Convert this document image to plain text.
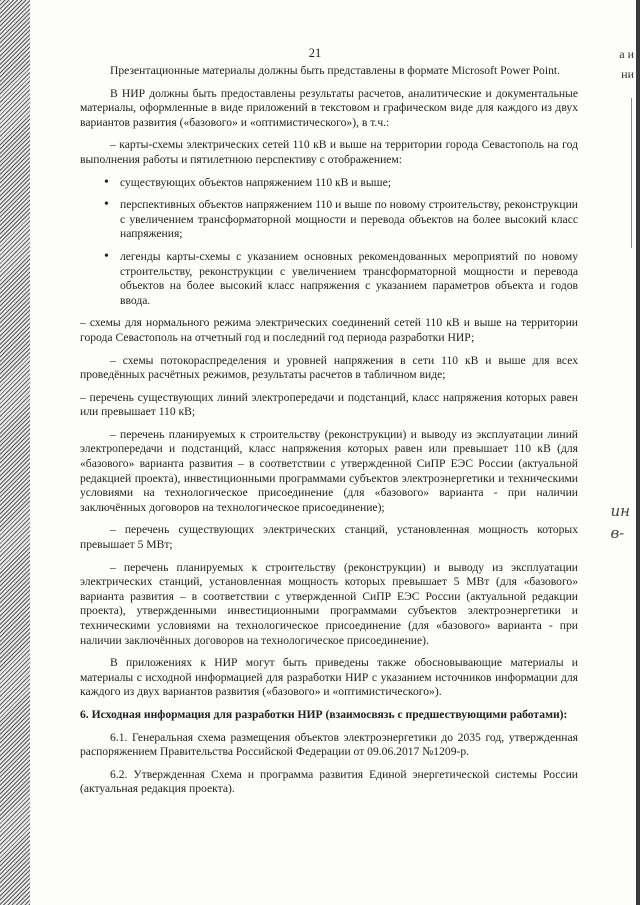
а и
ни
ин
в-
21

Презентационные материалы должны быть представлены в формате Microsoft Power Point.

В НИР должны быть предоставлены результаты расчетов, аналитические и документальные материалы, оформленные в виде приложений в текстовом и графическом виде для каждого из двух вариантов развития («базового» и «оптимистического»), в т.ч.:

– карты-схемы электрических сетей 110 кВ и выше на территории города Севастополь на год выполнения работы и пятилетнюю перспективу с отображением:

• существующих объектов напряжением 110 кВ и выше;
• перспективных объектов напряжением 110 и выше по новому строительству, реконструкции с увеличением трансформаторной мощности и перевода объектов на более высокий класс напряжения;
• легенды карты-схемы с указанием основных рекомендованных мероприятий по новому строительству, реконструкции с увеличением трансформаторной мощности и перевода объектов на более высокий класс напряжения с указанием параметров объекта и годов ввода.

– схемы для нормального режима электрических соединений сетей 110 кВ и выше на территории города Севастополь на отчетный год и последний год периода разработки НИР;

– схемы потокораспределения и уровней напряжения в сети 110 кВ и выше для всех проведённых расчётных режимов, результаты расчетов в табличном виде;

– перечень существующих линий электропередачи и подстанций, класс напряжения которых равен или превышает 110 кВ;

– перечень планируемых к строительству (реконструкции) и выводу из эксплуатации линий электропередачи и подстанций, класс напряжения которых равен или превышает 110 кВ (для «базового» варианта развития – в соответствии с утвержденной СиПР ЕЭС России (актуальной редакцией проекта), инвестиционными программами субъектов электроэнергетики и техническими условиями на технологическое присоединение (для «базового» варианта - при наличии заключённых договоров на технологическое присоединение);

– перечень существующих электрических станций, установленная мощность которых превышает 5 МВт;

– перечень планируемых к строительству (реконструкции) и выводу из эксплуатации электрических станций, установленная мощность которых превышает 5 МВт (для «базового» варианта развития – в соответствии с утвержденной СиПР ЕЭС России (актуальной редакции проекта), утвержденными инвестиционными программами субъектов электроэнергетики и техническими условиями на технологическое присоединение (для «базового» варианта - при наличии заключённых договоров на технологическое присоединение).

В приложениях к НИР могут быть приведены также обосновывающие материалы и материалы с исходной информацией для разработки НИР с указанием источников информации для каждого из двух вариантов развития («базового» и «оптимистического»).

6. Исходная информация для разработки НИР (взаимосвязь с предшествующими работами):

6.1. Генеральная схема размещения объектов электроэнергетики до 2035 год, утвержденная распоряжением Правительства Российской Федерации от 09.06.2017 №1209-р.

6.2. Утвержденная Схема и программа развития Единой энергетической системы России (актуальная редакция проекта).
